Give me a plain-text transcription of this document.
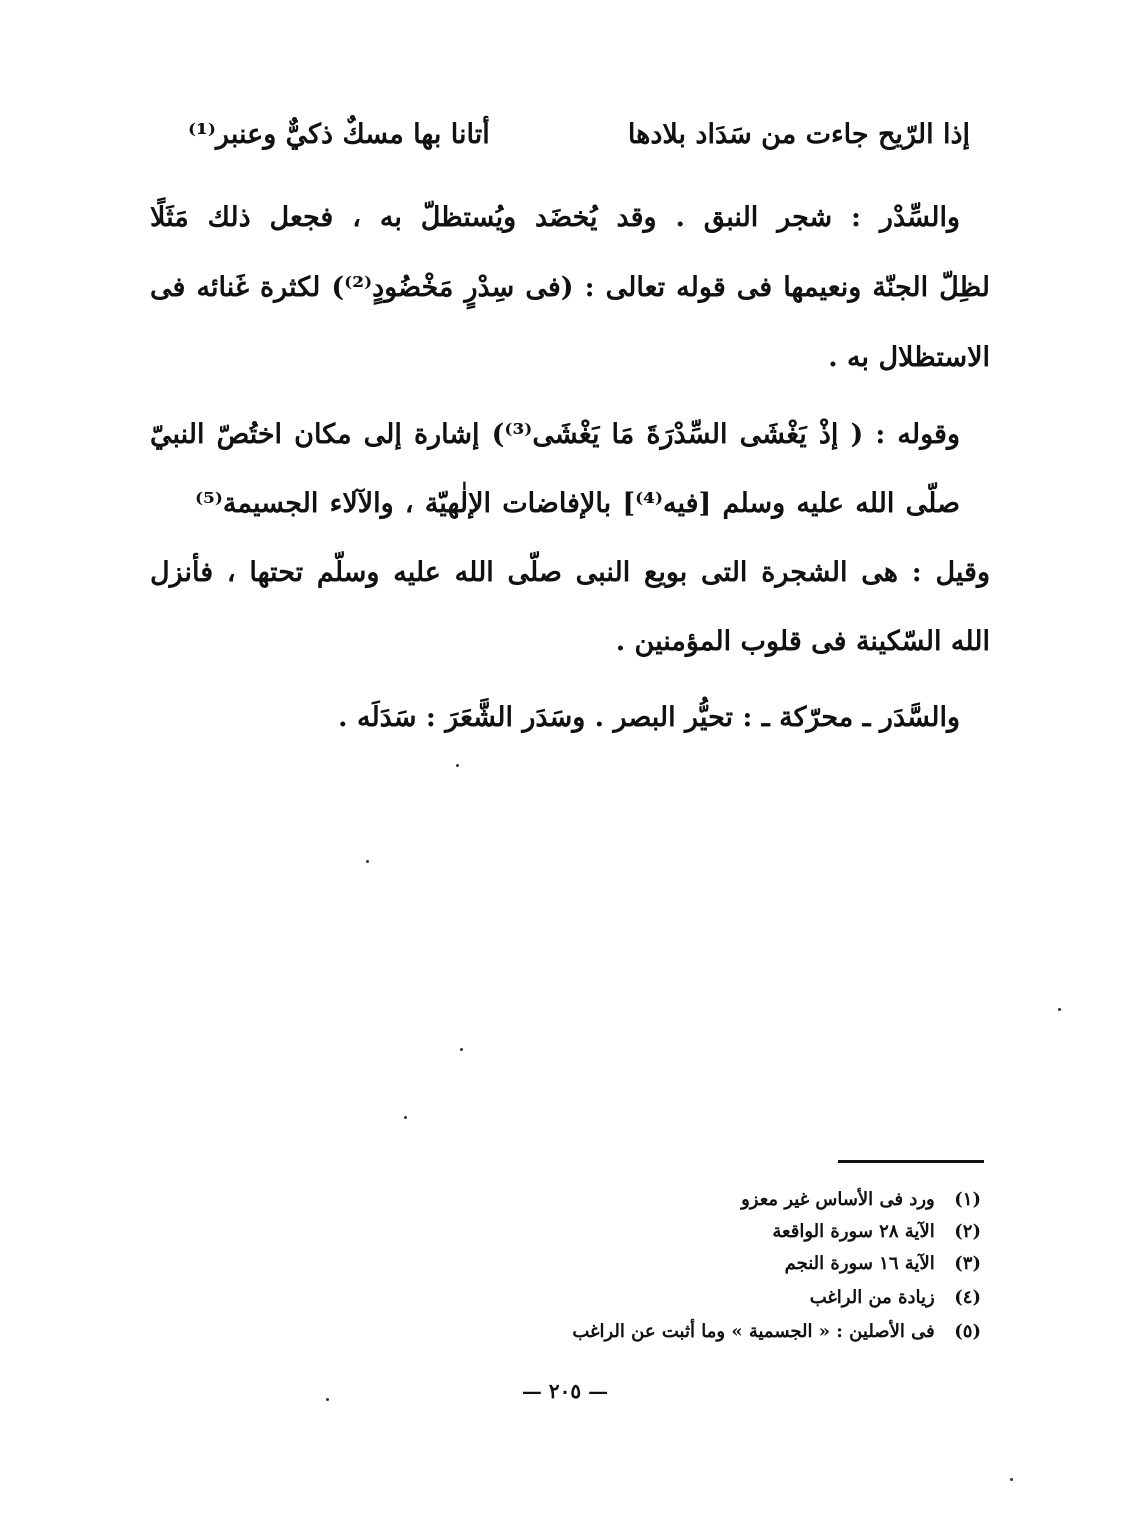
إذا الرّيح جاءت من سَدَاد بلادها
أتانا بها مسكٌ ذكيٌّ وعنبر⁽¹⁾
والسِّدْر : شجر النبق . وقد يُخضَد ويُستظلّ به ، فجعل ذلك مَثَلًا
لظِلّ الجنّة ونعيمها فى قوله تعالى : (فى سِدْرٍ مَخْضُودٍ⁽²⁾) لكثرة غَنائه فى
الاستظلال به .
وقوله : ( إذْ يَغْشَى السِّدْرَةَ مَا يَغْشَى⁽³⁾) إشارة إلى مكان اختُصّ النبيّ
صلّى الله عليه وسلم [فيه⁽⁴⁾] بالإفاضات الإلٰهيّة ، والآلاء الجسيمة⁽⁵⁾
وقيل : هى الشجرة التى بويع النبى صلّى الله عليه وسلّم تحتها ، فأنزل
الله السّكينة فى قلوب المؤمنين .
والسَّدَر ـ محرّكة ـ : تحيُّر البصر . وسَدَر الشَّعَرَ : سَدَلَه .
(١) ورد فى الأساس غير معزو
(٢) الآية ٢٨ سورة الواقعة
(٣) الآية ١٦ سورة النجم
(٤) زيادة من الراغب
(٥) فى الأصلين : « الجسمية » وما أثبت عن الراغب
— ٢٠٥ —
